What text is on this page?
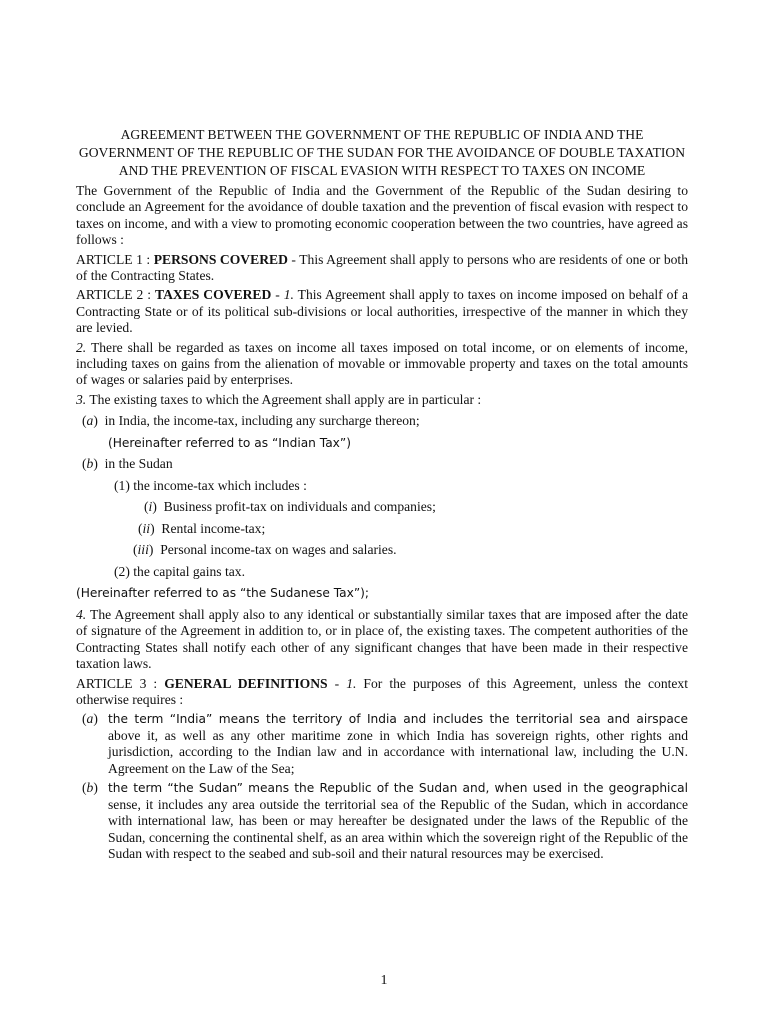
AGREEMENT BETWEEN THE GOVERNMENT OF THE REPUBLIC OF INDIA AND THE GOVERNMENT OF THE REPUBLIC OF THE SUDAN FOR THE AVOIDANCE OF DOUBLE TAXATION AND THE PREVENTION OF FISCAL EVASION WITH RESPECT TO TAXES ON INCOME
The Government of the Republic of India and the Government of the Republic of the Sudan desiring to conclude an Agreement for the avoidance of double taxation and the prevention of fiscal evasion with respect to taxes on income, and with a view to promoting economic cooperation between the two countries, have agreed as follows :
ARTICLE 1 : PERSONS COVERED - This Agreement shall apply to persons who are residents of one or both of the Contracting States.
ARTICLE 2 : TAXES COVERED - 1. This Agreement shall apply to taxes on income imposed on behalf of a Contracting State or of its political sub-divisions or local authorities, irrespective of the manner in which they are levied.
2. There shall be regarded as taxes on income all taxes imposed on total income, or on elements of income, including taxes on gains from the alienation of movable or immovable property and taxes on the total amounts of wages or salaries paid by enterprises.
3. The existing taxes to which the Agreement shall apply are in particular :
(a) in India, the income-tax, including any surcharge thereon;
(Hereinafter referred to as “Indian Tax”)
(b) in the Sudan
(1) the income-tax which includes :
(i)  Business profit-tax on individuals and companies;
(ii)  Rental income-tax;
(iii)  Personal income-tax on wages and salaries.
(2) the capital gains tax.
(Hereinafter referred to as “the Sudanese Tax”);
4. The Agreement shall apply also to any identical or substantially similar taxes that are imposed after the date of signature of the Agreement in addition to, or in place of, the existing taxes. The competent authorities of the Contracting States shall notify each other of any significant changes that have been made in their respective taxation laws.
ARTICLE 3 : GENERAL DEFINITIONS - 1. For the purposes of this Agreement, unless the context otherwise requires :
(a) the term “India” means the territory of India and includes the territorial sea and airspace above it, as well as any other maritime zone in which India has sovereign rights, other rights and jurisdiction, according to the Indian law and in accordance with international law, including the U.N. Agreement on the Law of the Sea;
(b) the term “the Sudan” means the Republic of the Sudan and, when used in the geographical sense, it includes any area outside the territorial sea of the Republic of the Sudan, which in accordance with international law, has been or may hereafter be designated under the laws of the Republic of the Sudan, concerning the continental shelf, as an area within which the sovereign right of the Republic of the Sudan with respect to the seabed and sub-soil and their natural resources may be exercised.
1
